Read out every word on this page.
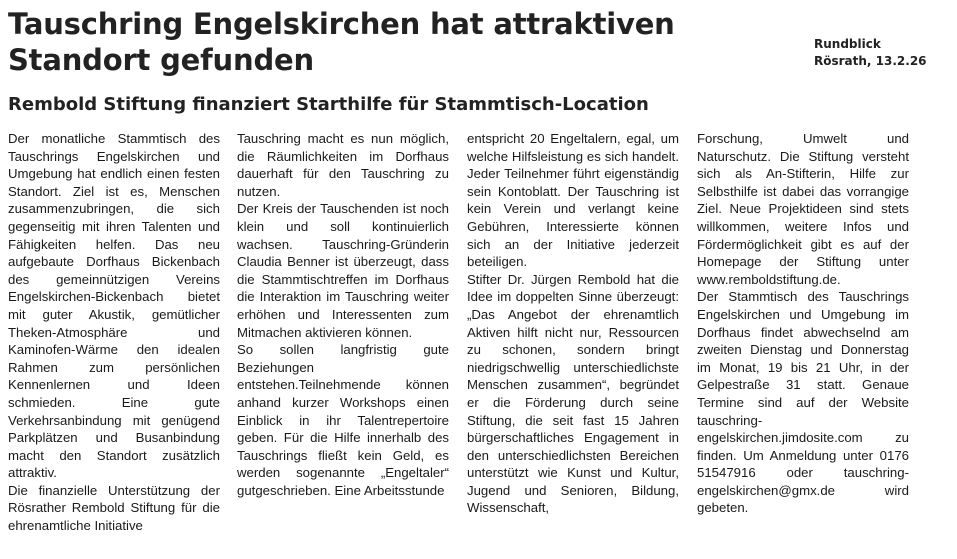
Tauschring Engelskirchen hat attraktiven Standort gefunden	Rundblick
Rösrath, 13.2.26
Rembold Stiftung finanziert Starthilfe für Stammtisch-Location

Der monatliche Stammtisch des Tauschrings Engelskirchen und Umgebung hat endlich einen festen Standort. Ziel ist es, Menschen zusammenzubringen, die sich gegenseitig mit ihren Talenten und Fähigkeiten helfen. Das neu aufgebaute Dorfhaus Bickenbach des gemeinnützigen Vereins Engelskirchen-Bickenbach bietet mit guter Akustik, gemütlicher Theken-Atmosphäre und Kaminofen-Wärme den idealen Rahmen zum persönlichen Kennenlernen und Ideen schmieden. Eine gute Verkehrsanbindung mit genügend Parkplätzen und Busanbindung macht den Standort zusätzlich attraktiv.

Die finanzielle Unterstützung der Rösrather Rembold Stiftung für die ehrenamtliche Initiative

Tauschring macht es nun möglich, die Räumlichkeiten im Dorfhaus dauerhaft für den Tauschring zu nutzen.

Der Kreis der Tauschenden ist noch klein und soll kontinuierlich wachsen. Tauschring-Gründerin Claudia Benner ist überzeugt, dass die Stammtischtreffen im Dorfhaus die Interaktion im Tauschring weiter erhöhen und Interessenten zum Mitmachen aktivieren können.

So sollen langfristig gute Beziehungen entstehen.Teilnehmende können anhand kurzer Workshops einen Einblick in ihr Talentrepertoire geben. Für die Hilfe innerhalb des Tauschrings fließt kein Geld, es werden sogenannte „Engeltaler“ gutgeschrieben. Eine Arbeitsstunde

entspricht 20 Engeltalern, egal, um welche Hilfsleistung es sich handelt. Jeder Teilnehmer führt eigenständig sein Kontoblatt. Der Tauschring ist kein Verein und verlangt keine Gebühren, Interessierte können sich an der Initiative jederzeit beteiligen.

Stifter Dr. Jürgen Rembold hat die Idee im doppelten Sinne überzeugt: „Das Angebot der ehrenamtlich Aktiven hilft nicht nur, Ressourcen zu schonen, sondern bringt niedrigschwellig unterschiedlichste Menschen zusammen“, begründet er die Förderung durch seine Stiftung, die seit fast 15 Jahren bürgerschaftliches Engagement in den unterschiedlichsten Bereichen unterstützt wie Kunst und Kultur, Jugend und Senioren, Bildung, Wissenschaft,

Forschung, Umwelt und Naturschutz. Die Stiftung versteht sich als An-Stifterin, Hilfe zur Selbsthilfe ist dabei das vorrangige Ziel. Neue Projektideen sind stets willkommen, weitere Infos und Fördermöglichkeit gibt es auf der Homepage der Stiftung unter www.remboldstiftung.de.

Der Stammtisch des Tauschrings Engelskirchen und Umgebung im Dorfhaus findet abwechselnd am zweiten Dienstag und Donnerstag im Monat, 19 bis 21 Uhr, in der Gelpestraße 31 statt. Genaue Termine sind auf der Website tauschring-engelskirchen.jimdosite.com zu finden. Um Anmeldung unter 0176 51547916 oder tauschring-engelskirchen@gmx.de wird gebeten.
